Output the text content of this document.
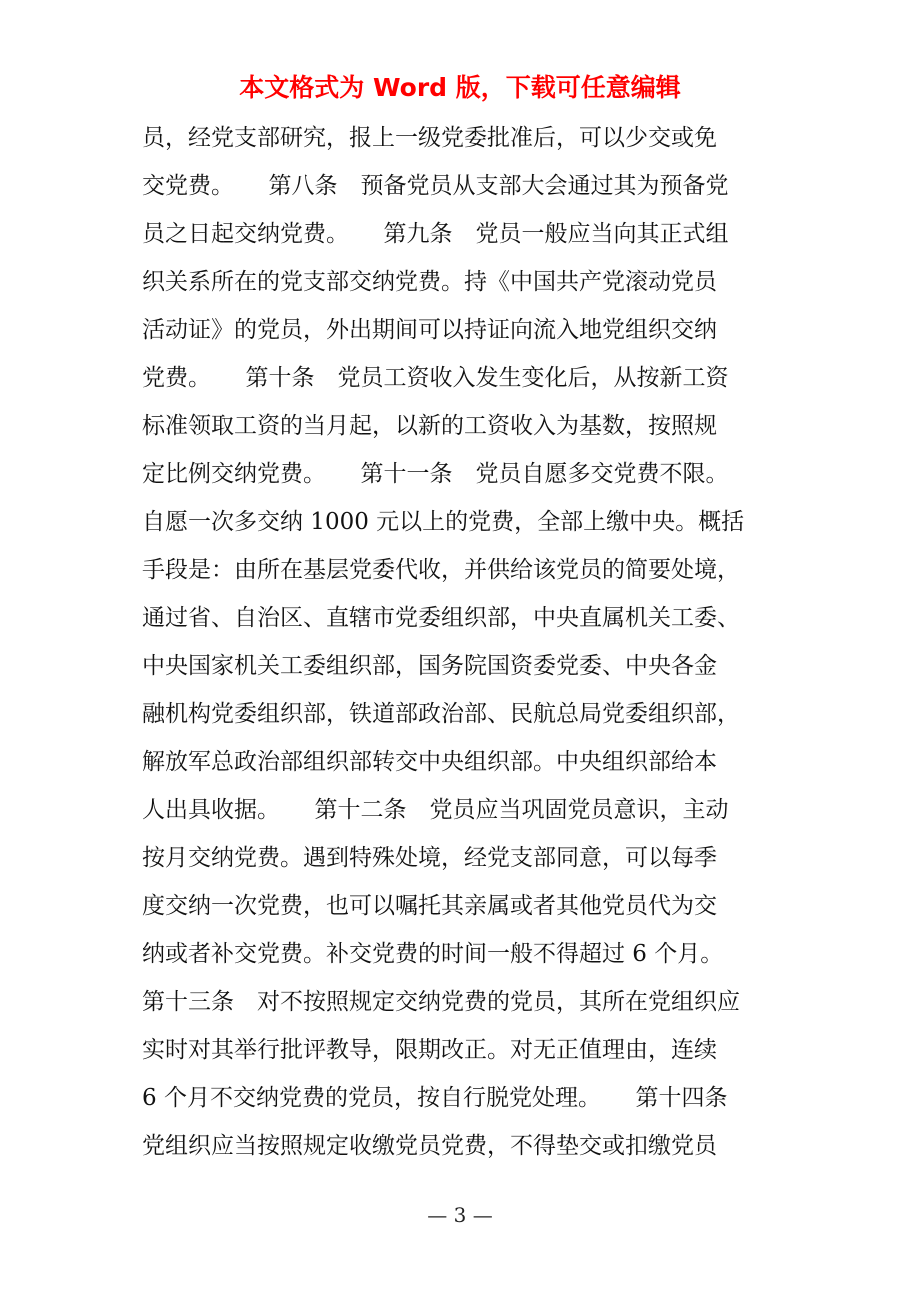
本文格式为 Word 版，下载可任意编辑
员，经党支部研究，报上一级党委批准后，可以少交或免
交党费。　　第八条　预备党员从支部大会通过其为预备党
员之日起交纳党费。　　第九条　党员一般应当向其正式组
织关系所在的党支部交纳党费。持《中国共产党滚动党员
活动证》的党员，外出期间可以持证向流入地党组织交纳
党费。　　第十条　党员工资收入发生变化后，从按新工资
标准领取工资的当月起，以新的工资收入为基数，按照规
定比例交纳党费。　　第十一条　党员自愿多交党费不限。
自愿一次多交纳 1000 元以上的党费，全部上缴中央。概括
手段是：由所在基层党委代收，并供给该党员的简要处境，
通过省、自治区、直辖市党委组织部，中央直属机关工委、
中央国家机关工委组织部，国务院国资委党委、中央各金
融机构党委组织部，铁道部政治部、民航总局党委组织部，
解放军总政治部组织部转交中央组织部。中央组织部给本
人出具收据。　　第十二条　党员应当巩固党员意识，主动
按月交纳党费。遇到特殊处境，经党支部同意，可以每季
度交纳一次党费，也可以嘱托其亲属或者其他党员代为交
纳或者补交党费。补交党费的时间一般不得超过 6 个月。
第十三条　对不按照规定交纳党费的党员，其所在党组织应
实时对其举行批评教导，限期改正。对无正值理由，连续
6 个月不交纳党费的党员，按自行脱党处理。　　第十四条
党组织应当按照规定收缴党员党费，不得垫交或扣缴党员
— 3 —
